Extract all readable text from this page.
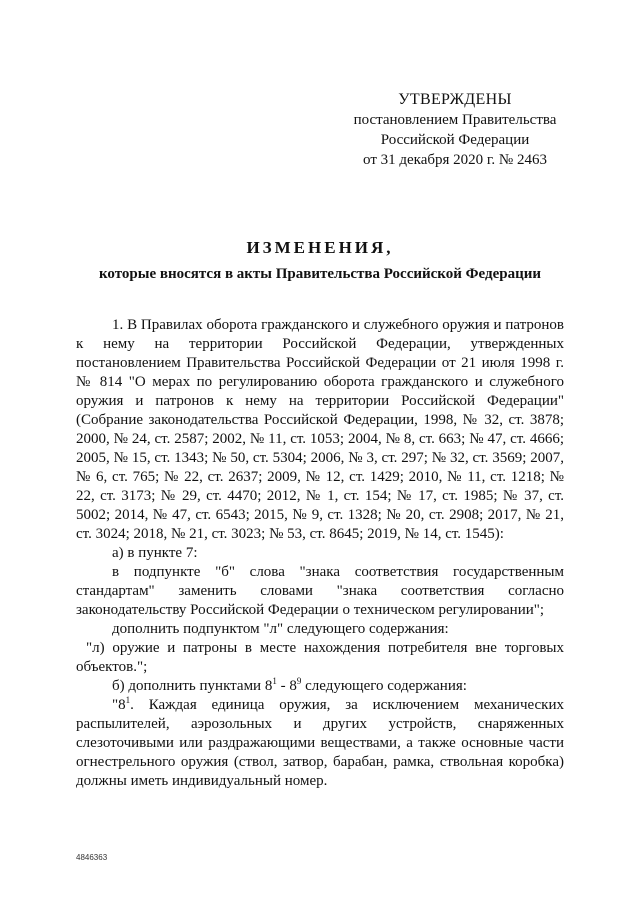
УТВЕРЖДЕНЫ
постановлением Правительства
Российской Федерации
от 31 декабря 2020 г. № 2463
ИЗМЕНЕНИЯ,
которые вносятся в акты Правительства Российской Федерации

1. В Правилах оборота гражданского и служебного оружия и патронов к нему на территории Российской Федерации, утвержденных постановлением Правительства Российской Федерации от 21 июля 1998 г. № 814 "О мерах по регулированию оборота гражданского и служебного оружия и патронов к нему на территории Российской Федерации" (Собрание законодательства Российской Федерации, 1998, № 32, ст. 3878; 2000, № 24, ст. 2587; 2002, № 11, ст. 1053; 2004, № 8, ст. 663; № 47, ст. 4666; 2005, № 15, ст. 1343; № 50, ст. 5304; 2006, № 3, ст. 297; № 32, ст. 3569; 2007, № 6, ст. 765; № 22, ст. 2637; 2009, № 12, ст. 1429; 2010, № 11, ст. 1218; № 22, ст. 3173; № 29, ст. 4470; 2012, № 1, ст. 154; № 17, ст. 1985; № 37, ст. 5002; 2014, № 47, ст. 6543; 2015, № 9, ст. 1328; № 20, ст. 2908; 2017, № 21, ст. 3024; 2018, № 21, ст. 3023; № 53, ст. 8645; 2019, № 14, ст. 1545):

а) в пункте 7:

в подпункте "б" слова "знака соответствия государственным стандартам" заменить словами "знака соответствия согласно законодательству Российской Федерации о техническом регулировании";

дополнить подпунктом "л" следующего содержания:

"л) оружие и патроны в месте нахождения потребителя вне торговых объектов.";

б) дополнить пунктами $8^1 - 8^9$ следующего содержания:

"$8^1$. Каждая единица оружия, за исключением механических распылителей, аэрозольных и других устройств, снаряженных слезоточивыми или раздражающими веществами, а также основные части огнестрельного оружия (ствол, затвор, барабан, рамка, ствольная коробка) должны иметь индивидуальный номер.

4846363
